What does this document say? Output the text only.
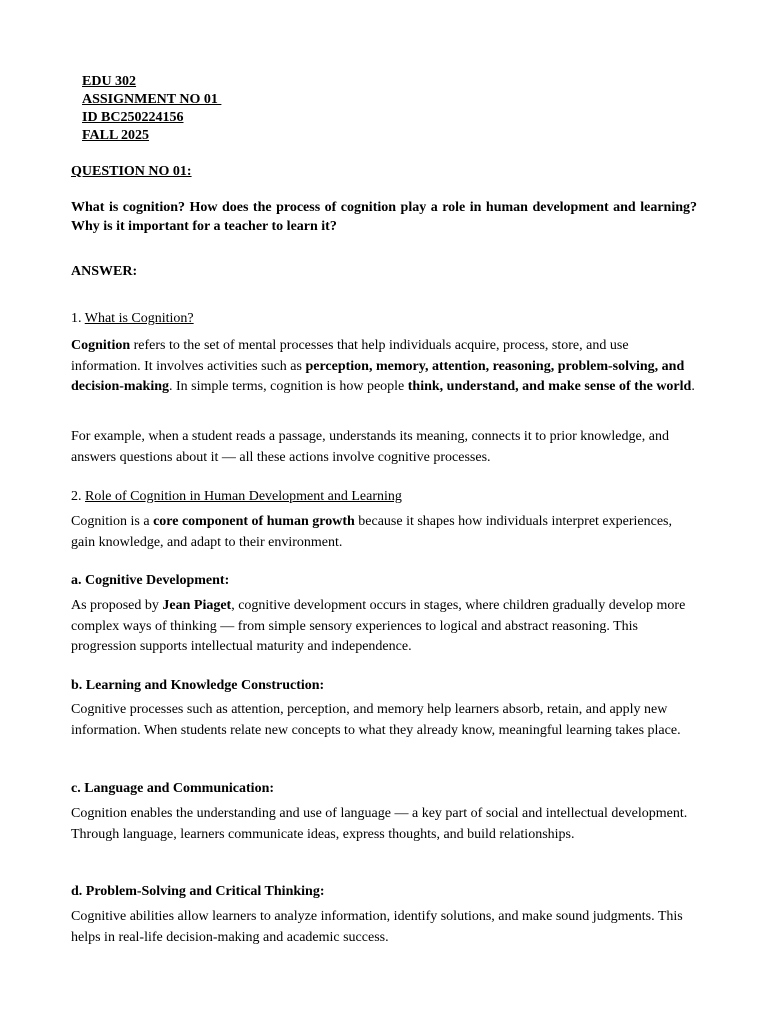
EDU 302
ASSIGNMENT NO 01
ID BC250224156
FALL 2025
QUESTION NO 01:
What is cognition? How does the process of cognition play a role in human development and learning? Why is it important for a teacher to learn it?
ANSWER:
1. What is Cognition?
Cognition refers to the set of mental processes that help individuals acquire, process, store, and use information. It involves activities such as perception, memory, attention, reasoning, problem-solving, and decision-making. In simple terms, cognition is how people think, understand, and make sense of the world.
For example, when a student reads a passage, understands its meaning, connects it to prior knowledge, and answers questions about it — all these actions involve cognitive processes.
2. Role of Cognition in Human Development and Learning
Cognition is a core component of human growth because it shapes how individuals interpret experiences, gain knowledge, and adapt to their environment.
a. Cognitive Development:
As proposed by Jean Piaget, cognitive development occurs in stages, where children gradually develop more complex ways of thinking — from simple sensory experiences to logical and abstract reasoning. This progression supports intellectual maturity and independence.
b. Learning and Knowledge Construction:
Cognitive processes such as attention, perception, and memory help learners absorb, retain, and apply new information. When students relate new concepts to what they already know, meaningful learning takes place.
c. Language and Communication:
Cognition enables the understanding and use of language — a key part of social and intellectual development. Through language, learners communicate ideas, express thoughts, and build relationships.
d. Problem-Solving and Critical Thinking:
Cognitive abilities allow learners to analyze information, identify solutions, and make sound judgments. This helps in real-life decision-making and academic success.
